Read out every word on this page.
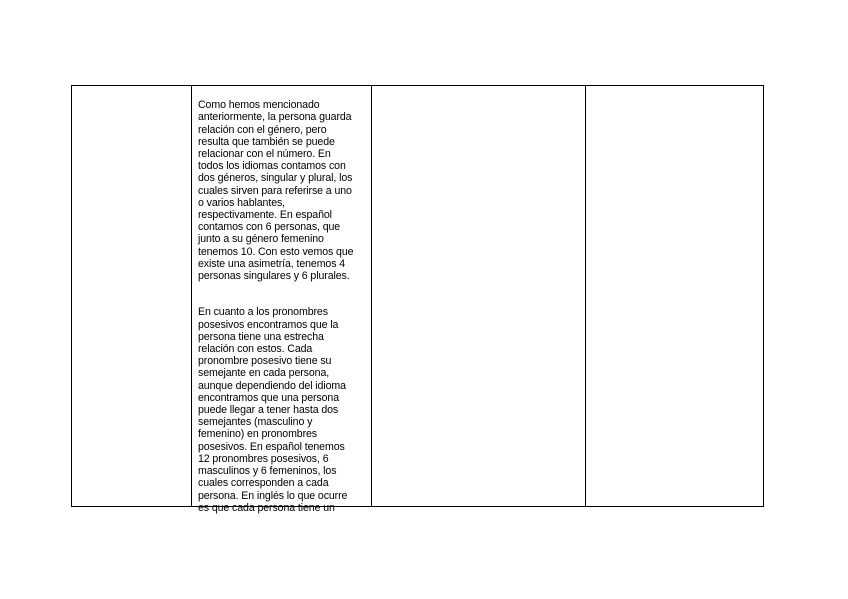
Como hemos mencionado
anteriormente, la persona guarda
relación con el género, pero
resulta que también se puede
relacionar con el número. En
todos los idiomas contamos con
dos géneros, singular y plural, los
cuales sirven para referirse a uno
o varios hablantes,
respectivamente. En español
contamos con 6 personas, que
junto a su género femenino
tenemos 10. Con esto vemos que
existe una asimetría, tenemos 4
personas singulares y 6 plurales.

En cuanto a los pronombres
posesivos encontramos que la
persona tiene una estrecha
relación con estos. Cada
pronombre posesivo tiene su
semejante en cada persona,
aunque dependiendo del idioma
encontramos que una persona
puede llegar a tener hasta dos
semejantes (masculino y
femenino) en pronombres
posesivos. En español tenemos
12 pronombres posesivos, 6
masculinos y 6 femeninos, los
cuales corresponden a cada
persona. En inglés lo que ocurre
es que cada persona tiene un
